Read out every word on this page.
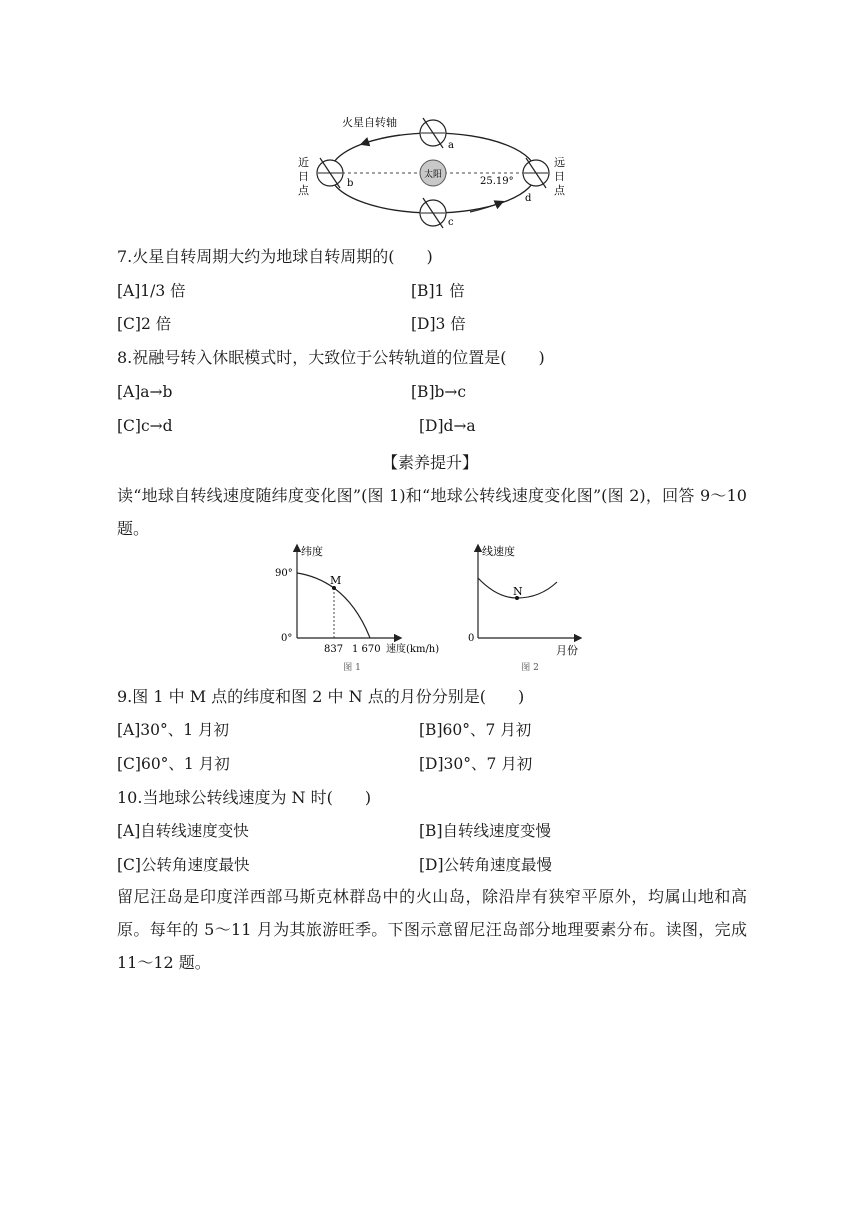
太阳
a
c
b
d
25.19°
火星自转轴
近
日
点
远
日
点
7.火星自转周期大约为地球自转周期的(　　)
[A]1/3 倍	[B]1 倍
[C]2 倍	[D]3 倍
8.祝融号转入休眠模式时，大致位于公转轨道的位置是(　　)
[A]a→b	[B]b→c
[C]c→d	[D]d→a
【素养提升】
读“地球自转线速度随纬度变化图”(图 1)和“地球公转线速度变化图”(图 2)，回答 9～10 题。
M
纬度
90°
0°
837 1 670 速度(km/h)
图 1
N
线速度
0
月份
图 2
9.图 1 中 M 点的纬度和图 2 中 N 点的月份分别是(　　)
[A]30°、1 月初	[B]60°、7 月初
[C]60°、1 月初	[D]30°、7 月初
10.当地球公转线速度为 N 时(　　)
[A]自转线速度变快	[B]自转线速度变慢
[C]公转角速度最快	[D]公转角速度最慢
留尼汪岛是印度洋西部马斯克林群岛中的火山岛，除沿岸有狭窄平原外，均属山地和高原。每年的 5～11 月为其旅游旺季。下图示意留尼汪岛部分地理要素分布。读图，完成 11～12 题。
